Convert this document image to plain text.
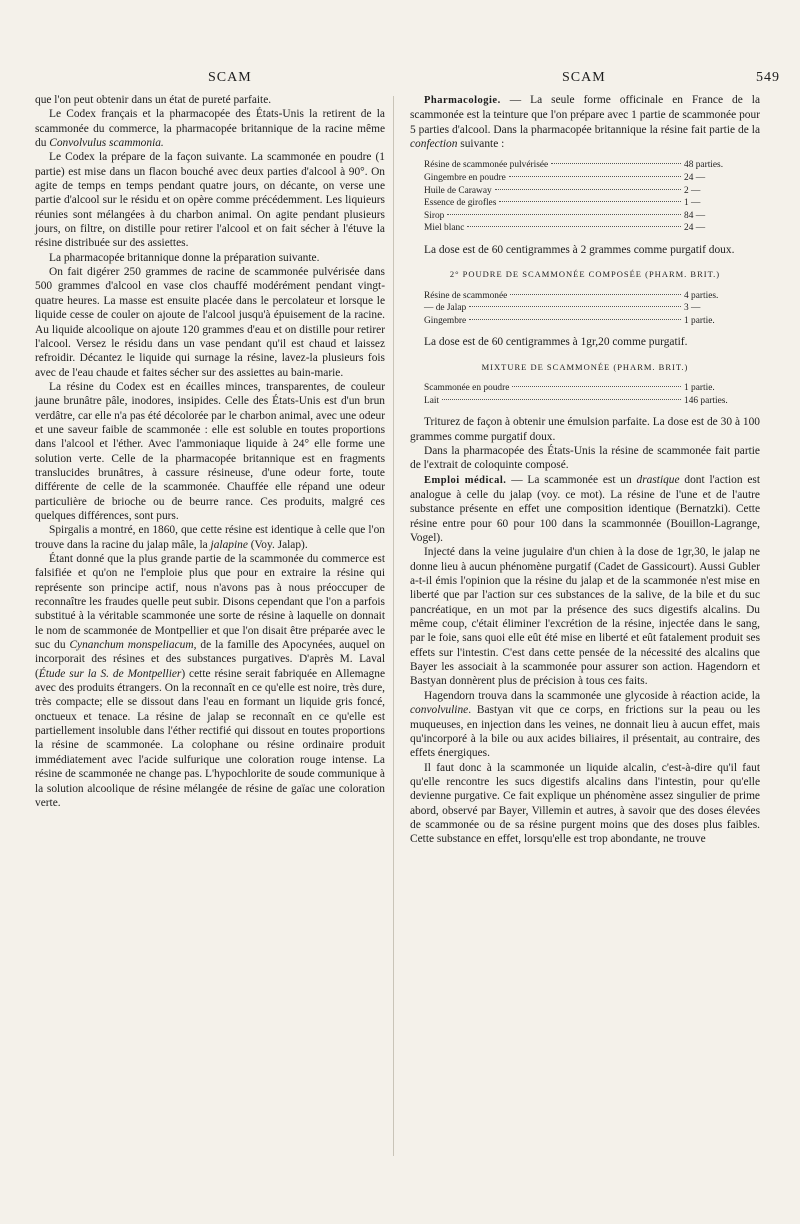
SCAM	SCAM	549

que l'on peut obtenir dans un état de pureté parfaite.

Le Codex français et la pharmacopée des États-Unis la retirent de la scammonée du commerce, la pharmacopée britannique de la racine même du Convolvulus scammonia.

Le Codex la prépare de la façon suivante. La scammonée en poudre (1 partie) est mise dans un flacon bouché avec deux parties d'alcool à 90°. On agite de temps en temps pendant quatre jours, on décante, on verse une partie d'alcool sur le résidu et on opère comme précédemment. Les liquieurs réunies sont mélangées à du charbon animal. On agite pendant plusieurs jours, on filtre, on distille pour retirer l'alcool et on fait sécher à l'étuve la résine distribuée sur des assiettes.

La pharmacopée britannique donne la préparation suivante.

On fait digérer 250 grammes de racine de scammonée pulvérisée dans 500 grammes d'alcool en vase clos chauffé modérément pendant vingt-quatre heures. La masse est ensuite placée dans le percolateur et lorsque le liquide cesse de couler on ajoute de l'alcool jusqu'à épuisement de la racine. Au liquide alcoolique on ajoute 120 grammes d'eau et on distille pour retirer l'alcool. Versez le résidu dans un vase pendant qu'il est chaud et laissez refroidir. Décantez le liquide qui surnage la résine, lavez-la plusieurs fois avec de l'eau chaude et faites sécher sur des assiettes au bain-marie.

La résine du Codex est en écailles minces, transparentes, de couleur jaune brunâtre pâle, inodores, insipides. Celle des États-Unis est d'un brun verdâtre, car elle n'a pas été décolorée par le charbon animal, avec une odeur et une saveur faible de scammonée : elle est soluble en toutes proportions dans l'alcool et l'éther. Avec l'ammoniaque liquide à 24° elle forme une solution verte. Celle de la pharmacopée britannique est en fragments translucides brunâtres, à cassure résineuse, d'une odeur forte, toute différente de celle de la scammonée. Chauffée elle répand une odeur particulière de brioche ou de beurre rance. Ces produits, malgré ces quelques différences, sont purs.

Spirgalis a montré, en 1860, que cette résine est identique à celle que l'on trouve dans la racine du jalap mâle, la jalapine (Voy. Jalap).

Étant donné que la plus grande partie de la scammonée du commerce est falsifiée et qu'on ne l'emploie plus que pour en extraire la résine qui représente son principe actif, nous n'avons pas à nous préoccuper de reconnaître les fraudes quelle peut subir. Disons cependant que l'on a parfois substitué à la véritable scammonée une sorte de résine à laquelle on donnait le nom de scammonée de Montpellier et que l'on disait être préparée avec le suc du Cynanchum monspeliacum, de la famille des Apocynées, auquel on incorporait des résines et des substances purgatives. D'après M. Laval (Étude sur la S. de Montpellier) cette résine serait fabriquée en Allemagne avec des produits étrangers. On la reconnaît en ce qu'elle est noire, très dure, très compacte; elle se dissout dans l'eau en formant un liquide gris foncé, onctueux et tenace. La résine de jalap se reconnaît en ce qu'elle est partiellement insoluble dans l'éther rectifié qui dissout en toutes proportions la résine de scammonée. La colophane ou résine ordinaire produit immédiatement avec l'acide sulfurique une coloration rouge intense. La résine de scammonée ne change pas. L'hypochlorite de soude communique à la solution alcoolique de résine mélangée de résine de gaïac une coloration verte.

Pharmacologie. — La seule forme officinale en France de la scammonée est la teinture que l'on prépare avec 1 partie de scammonée pour 5 parties d'alcool. Dans la pharmacopée britannique la résine fait partie de la confection suivante :

Résine de scammonée pulvérisée	48 parties.
Gingembre en poudre	24 —
Huile de Caraway	2 —
Essence de girofles	1 —
Sirop	84 —
Miel blanc	24 —

La dose est de 60 centigrammes à 2 grammes comme purgatif doux.

2° POUDRE DE SCAMMONÉE COMPOSÉE (PHARM. BRIT.)
Résine de scammonée	4 parties.
— de Jalap	3 —
Gingembre	1 partie.

La dose est de 60 centigrammes à 1gr,20 comme purgatif.

MIXTURE DE SCAMMONÉE (PHARM. BRIT.)
Scammonée en poudre	1 partie.
Lait	146 parties.

Triturez de façon à obtenir une émulsion parfaite. La dose est de 30 à 100 grammes comme purgatif doux.

Dans la pharmacopée des États-Unis la résine de scammonée fait partie de l'extrait de coloquinte composé.

Emploi médical. — La scammonée est un drastique dont l'action est analogue à celle du jalap (voy. ce mot). La résine de l'une et de l'autre substance présente en effet une composition identique (Bernatzki). Cette résine entre pour 60 pour 100 dans la scammonnée (Bouillon-Lagrange, Vogel).

Injecté dans la veine jugulaire d'un chien à la dose de 1gr,30, le jalap ne donne lieu à aucun phénomène purgatif (Cadet de Gassicourt). Aussi Gubler a-t-il émis l'opinion que la résine du jalap et de la scammonée n'est mise en liberté que par l'action sur ces substances de la salive, de la bile et du suc pancréatique, en un mot par la présence des sucs digestifs alcalins. Du même coup, c'était éliminer l'excrétion de la résine, injectée dans le sang, par le foie, sans quoi elle eût été mise en liberté et eût fatalement produit ses effets sur l'intestin. C'est dans cette pensée de la nécessité des alcalins que Bayer les associait à la scammonée pour assurer son action. Hagendorn et Bastyan donnèrent plus de précision à tous ces faits.

Hagendorn trouva dans la scammonée une glycoside à réaction acide, la convolvuline. Bastyan vit que ce corps, en frictions sur la peau ou les muqueuses, en injection dans les veines, ne donnait lieu à aucun effet, mais qu'incorporé à la bile ou aux acides biliaires, il présentait, au contraire, des effets énergiques.

Il faut donc à la scammonée un liquide alcalin, c'est-à-dire qu'il faut qu'elle rencontre les sucs digestifs alcalins dans l'intestin, pour qu'elle devienne purgative. Ce fait explique un phénomène assez singulier de prime abord, observé par Bayer, Villemin et autres, à savoir que des doses élevées de scammonée ou de sa résine purgent moins que des doses plus faibles. Cette substance en effet, lorsqu'elle est trop abondante, ne trouve
